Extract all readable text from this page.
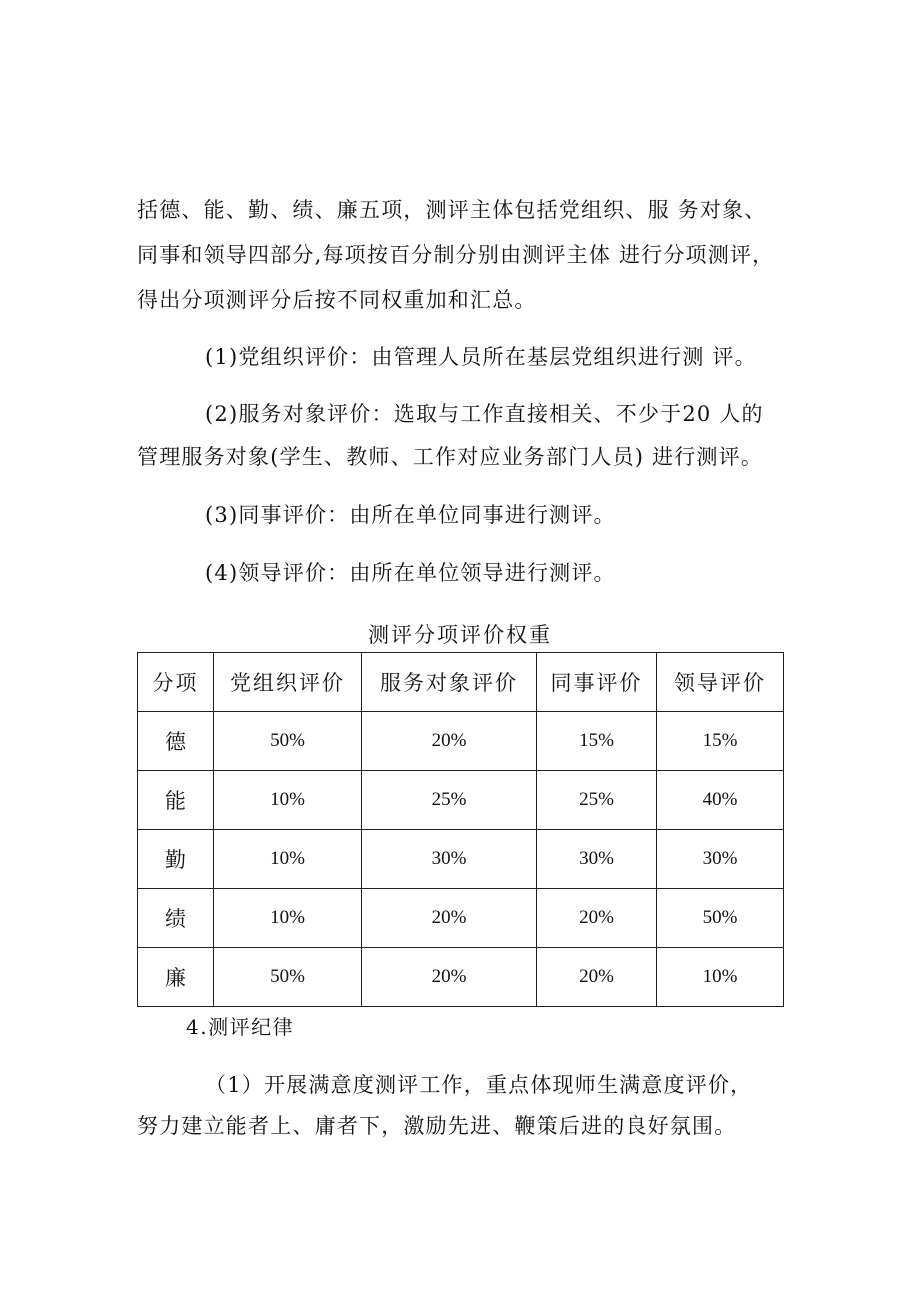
括德、能、勤、绩、廉五项，测评主体包括党组织、服 务对象、
同事和领导四部分,每项按百分制分别由测评主体 进行分项测评，
得出分项测评分后按不同权重加和汇总。
(1)党组织评价：由管理人员所在基层党组织进行测 评。
(2)服务对象评价：选取与工作直接相关、不少于20 人的
管理服务对象(学生、教师、工作对应业务部门人员) 进行测评。
(3)同事评价：由所在单位同事进行测评。
(4)领导评价：由所在单位领导进行测评。
测评分项评价权重
分项	党组织评价	服务对象评价	同事评价	领导评价
德	50%	20%	15%	15%
能	10%	25%	25%	40%
勤	10%	30%	30%	30%
绩	10%	20%	20%	50%
廉	50%	20%	20%	10%
4.测评纪律
（1）开展满意度测评工作，重点体现师生满意度评价，
努力建立能者上、庸者下，激励先进、鞭策后进的良好氛围。
